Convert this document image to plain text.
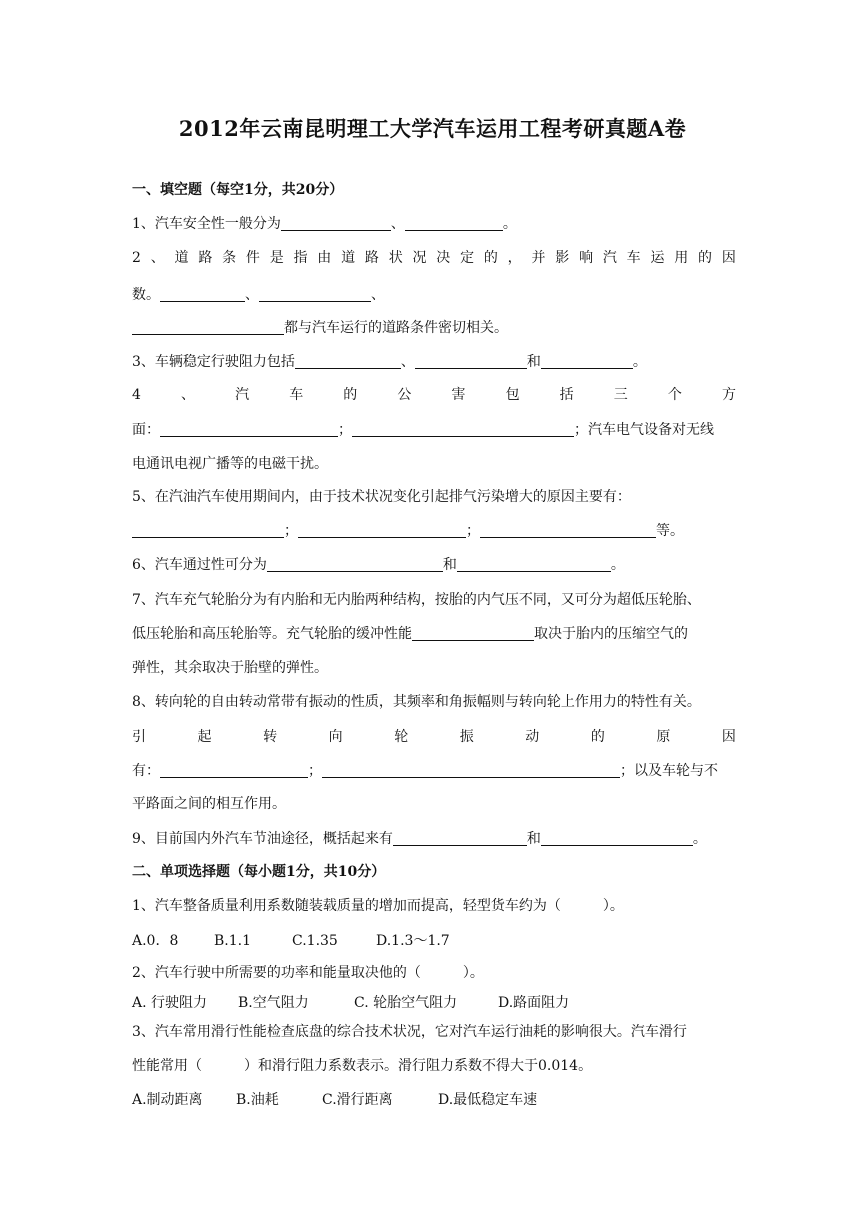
2012年云南昆明理工大学汽车运用工程考研真题A卷
一、填空题（每空1分，共20分）
1、汽车安全性一般分为	、	。
2 、 道 路 条 件 是 指 由 道 路 状 况 决 定 的 ， 并 影 响 汽 车 运 用 的 因
数。	、	、
都与汽车运行的道路条件密切相关。
3、车辆稳定行驶阻力包括	、	和	。
4	、	汽	车	的	公	害	包	括	三	个	方
面：	；	；汽车电气设备对无线
电通讯电视广播等的电磁干扰。
5、在汽油汽车使用期间内，由于技术状况变化引起排气污染增大的原因主要有：
；	；	等。
6、汽车通过性可分为	和	。
7、汽车充气轮胎分为有内胎和无内胎两种结构，按胎的内气压不同，又可分为超低压轮胎、
低压轮胎和高压轮胎等。充气轮胎的缓冲性能	取决于胎内的压缩空气的
弹性，其余取决于胎壁的弹性。
8、转向轮的自由转动常带有振动的性质，其频率和角振幅则与转向轮上作用力的特性有关。
引	起	转	向	轮	振	动	的	原	因
有：	；	；以及车轮与不
平路面之间的相互作用。
9、目前国内外汽车节油途径，概括起来有	和	。
二、单项选择题（每小题1分，共10分）
1、汽车整备质量利用系数随装载质量的增加而提高，轻型货车约为（　　　）。
A.0．8	B.1.1	C.1.35	D.1.3～1.7
2、汽车行驶中所需要的功率和能量取决他的（　　　）。
A. 行驶阻力 B.空气阻力	C. 轮胎空气阻力	D.路面阻力
3、汽车常用滑行性能检查底盘的综合技术状况，它对汽车运行油耗的影响很大。汽车滑行
性能常用（　　　）和滑行阻力系数表示。滑行阻力系数不得大于0.014。
A.制动距离 B.油耗	C.滑行距离	D.最低稳定车速
